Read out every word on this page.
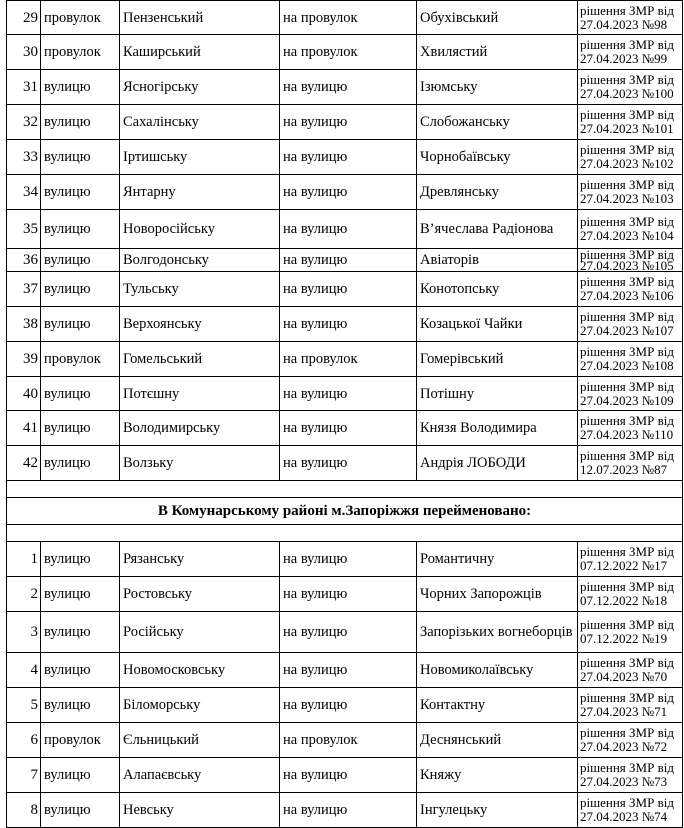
29	провулок	Пензенський	на провулок	Обухівський	рішення ЗМР від
27.04.2023 №98

30	провулок	Каширський	на провулок	Хвилястий	рішення ЗМР від
27.04.2023 №99

31	вулицю	Ясногірську	на вулицю	Ізюмську	рішення ЗМР від
27.04.2023 №100

32	вулицю	Сахалінську	на вулицю	Слобожанську	рішення ЗМР від
27.04.2023 №101

33	вулицю	Іртишську	на вулицю	Чорнобаївську	рішення ЗМР від
27.04.2023 №102

34	вулицю	Янтарну	на вулицю	Древлянську	рішення ЗМР від
27.04.2023 №103

35	вулицю	Новоросійську	на вулицю	В’ячеслава Радіонова	рішення ЗМР від
27.04.2023 №104

36	вулицю	Волгодонську	на вулицю	Авіаторів	рішення ЗМР від
27.04.2023 №105

37	вулицю	Тульську	на вулицю	Конотопську	рішення ЗМР від
27.04.2023 №106

38	вулицю	Верхоянську	на вулицю	Козацької Чайки	рішення ЗМР від
27.04.2023 №107

39	провулок	Гомельський	на провулок	Гомерівський	рішення ЗМР від
27.04.2023 №108

40	вулицю	Потєшну	на вулицю	Потішну	рішення ЗМР від
27.04.2023 №109

41	вулицю	Володимирську	на вулицю	Князя Володимира	рішення ЗМР від
27.04.2023 №110

42	вулицю	Волзьку	на вулицю	Андрія ЛОБОДИ	рішення ЗМР від
12.07.2023 №87

В Комунарському районі м.Запоріжжя перейменовано:					

1	вулицю	Рязанську	на вулицю	Романтичну	рішення ЗМР від
07.12.2022 №17

2	вулицю	Ростовську	на вулицю	Чорних Запорожців	рішення ЗМР від
07.12.2022 №18

3	вулицю	Російську	на вулицю	Запорізьких вогнеборців	рішення ЗМР від
07.12.2022 №19

4	вулицю	Новомосковську	на вулицю	Новомиколаївську	рішення ЗМР від
27.04.2023 №70

5	вулицю	Біломорську	на вулицю	Контактну	рішення ЗМР від
27.04.2023 №71

6	провулок	Єльницький	на провулок	Деснянський	рішення ЗМР від
27.04.2023 №72

7	вулицю	Алапаєвську	на вулицю	Княжу	рішення ЗМР від
27.04.2023 №73

8	вулицю	Невську	на вулицю	Інгулецьку	рішення ЗМР від
27.04.2023 №74
